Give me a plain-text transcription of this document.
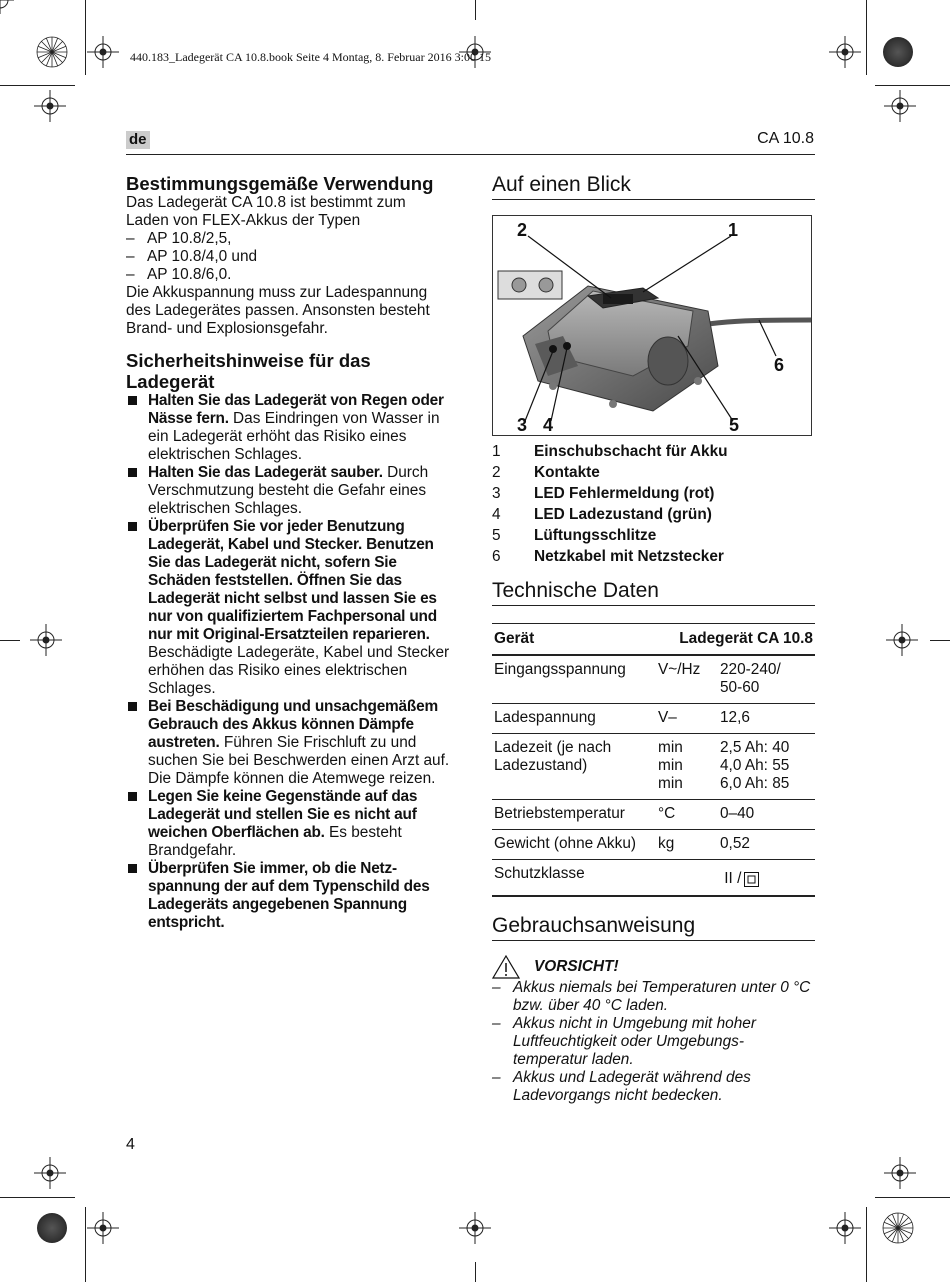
440.183_Ladegerät CA 10.8.book Seite 4 Montag, 8. Februar 2016 3:00 15
de	CA 10.8
Bestimmungsgemäße Verwendung

Das Ladegerät CA 10.8 ist bestimmt zum Laden von FLEX-Akkus der Typen

– AP 10.8/2,5,
– AP 10.8/4,0 und
– AP 10.8/6,0.

Die Akkuspannung muss zur Ladespannung des Ladegerätes passen. Ansonsten besteht Brand- und Explosionsgefahr.

Sicherheitshinweise für das Ladegerät
Halten Sie das Ladegerät von Regen oder Nässe fern. Das Eindringen von Wasser in ein Ladegerät erhöht das Risiko eines elektrischen Schlages.
Halten Sie das Ladegerät sauber. Durch Verschmutzung besteht die Gefahr eines elektrischen Schlages.
Überprüfen Sie vor jeder Benutzung Ladegerät, Kabel und Stecker. Benutzen Sie das Ladegerät nicht, sofern Sie Schäden feststellen. Öffnen Sie das Ladegerät nicht selbst und lassen Sie es nur von qualifiziertem Fachpersonal und nur mit Original-Ersatzteilen reparieren. Beschädigte Ladegeräte, Kabel und Stecker erhöhen das Risiko eines elektrischen Schlages.
Bei Beschädigung und unsachgemäßem Gebrauch des Akkus können Dämpfe austreten. Führen Sie Frischluft zu und suchen Sie bei Beschwerden einen Arzt auf. Die Dämpfe können die Atemwege reizen.
Legen Sie keine Gegenstände auf das Ladegerät und stellen Sie es nicht auf weichen Oberflächen ab. Es besteht Brandgefahr.
Überprüfen Sie immer, ob die Netz- spannung der auf dem Typenschild des Ladegeräts angegebenen Spannung entspricht.
Auf einen Blick
2	1
3 4	5
6
1	Einschubschacht für Akku
2	Kontakte
3	LED Fehlermeldung (rot)
4	LED Ladezustand (grün)
5	Lüftungsschlitze
6	Netzkabel mit Netzstecker
Technische Daten
Gerät	Ladegerät CA 10.8	
Eingangsspannung	V~/Hz	220-240/
50-60
Ladespannung	V–	12,6
Ladezeit (je nach
Ladezustand)	min
min
min	2,5 Ah: 40
4,0 Ah: 55
6,0 Ah: 85
Betriebstemperatur	°C	0–40
Gewicht (ohne Akku)	kg	0,52
Schutzklasse		II /
Gebrauchsanweisung
VORSICHT!
– Akkus niemals bei Temperaturen unter 0 °C bzw. über 40 °C laden.
– Akkus nicht in Umgebung mit hoher Luftfeuchtigkeit oder Umgebungs- temperatur laden.
– Akkus und Ladegerät während des Ladevorgangs nicht bedecken.
4
